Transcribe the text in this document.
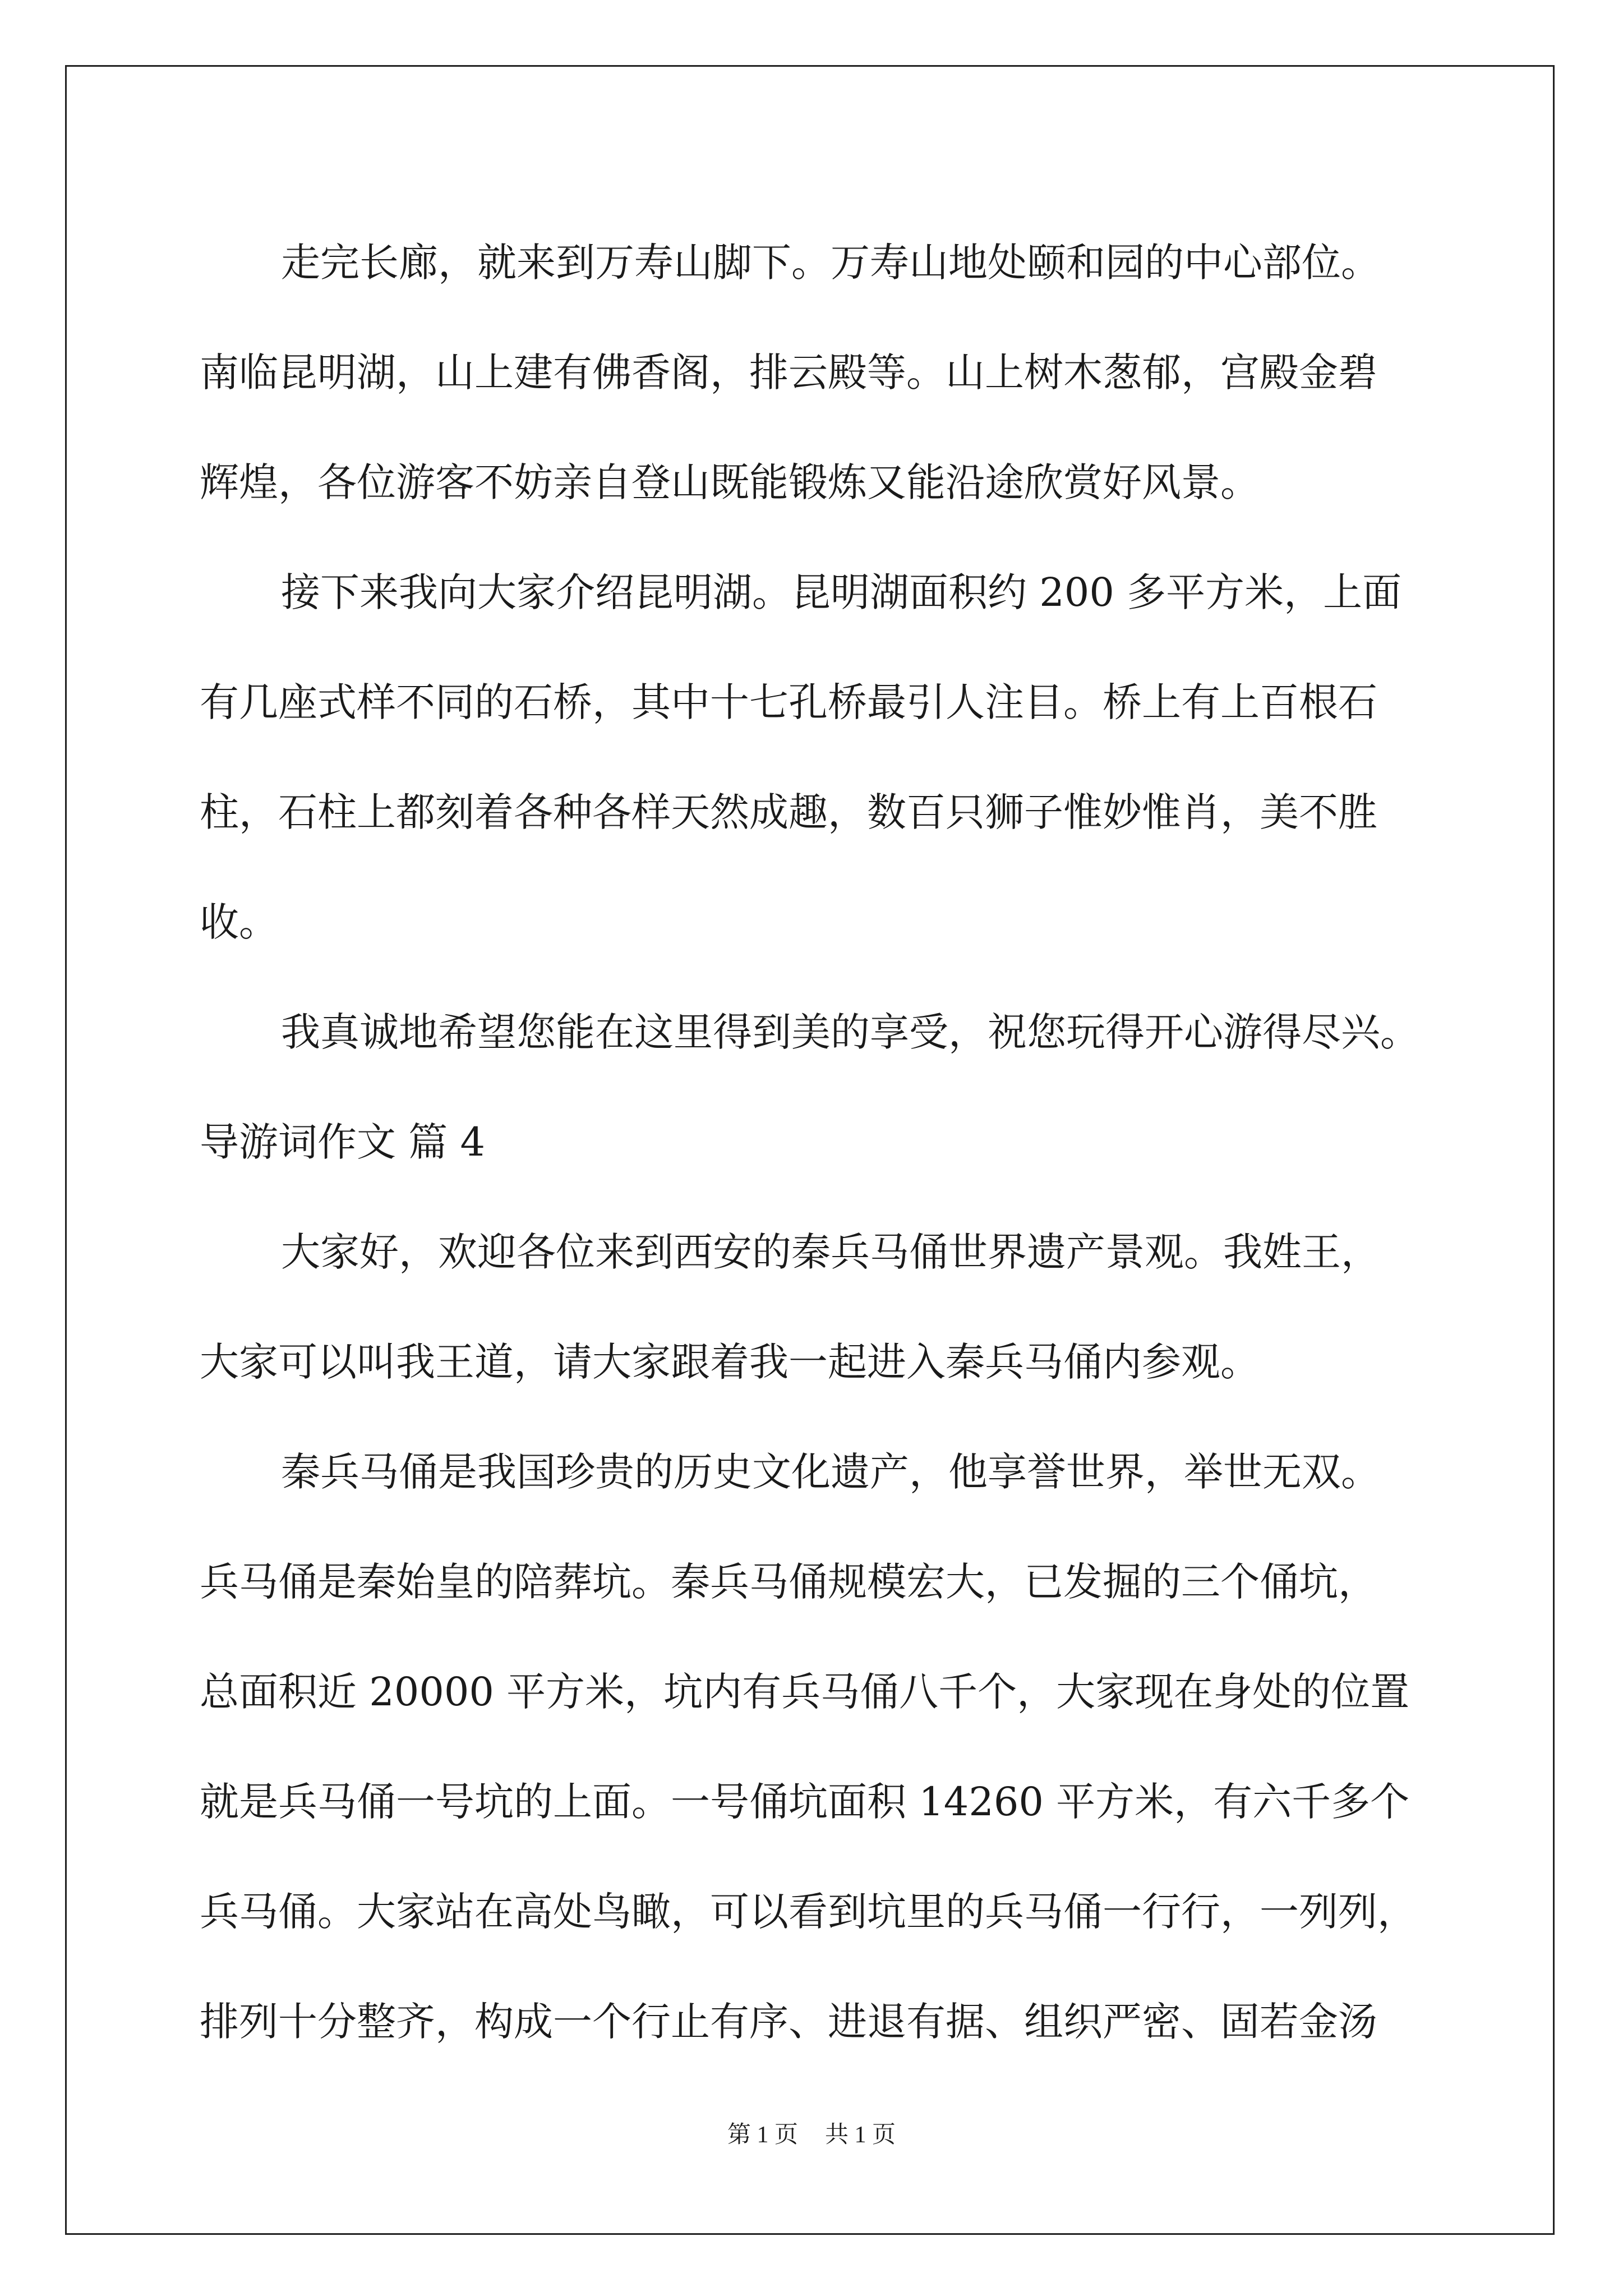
走完长廊，就来到万寿山脚下。万寿山地处颐和园的中心部位。
南临昆明湖，山上建有佛香阁，排云殿等。山上树木葱郁，宫殿金碧
辉煌，各位游客不妨亲自登山既能锻炼又能沿途欣赏好风景。
接下来我向大家介绍昆明湖。昆明湖面积约 200 多平方米，上面
有几座式样不同的石桥，其中十七孔桥最引人注目。桥上有上百根石
柱，石柱上都刻着各种各样天然成趣，数百只狮子惟妙惟肖，美不胜
收。
我真诚地希望您能在这里得到美的享受，祝您玩得开心游得尽兴。
导游词作文 篇 4
大家好，欢迎各位来到西安的秦兵马俑世界遗产景观。我姓王，
大家可以叫我王道，请大家跟着我一起进入秦兵马俑内参观。
秦兵马俑是我国珍贵的历史文化遗产，他享誉世界，举世无双。
兵马俑是秦始皇的陪葬坑。秦兵马俑规模宏大，已发掘的三个俑坑，
总面积近 20000 平方米，坑内有兵马俑八千个，大家现在身处的位置
就是兵马俑一号坑的上面。一号俑坑面积 14260 平方米，有六千多个
兵马俑。大家站在高处鸟瞰，可以看到坑里的兵马俑一行行，一列列，
排列十分整齐，构成一个行止有序、进退有据、组织严密、固若金汤
第 1 页 共 1 页
